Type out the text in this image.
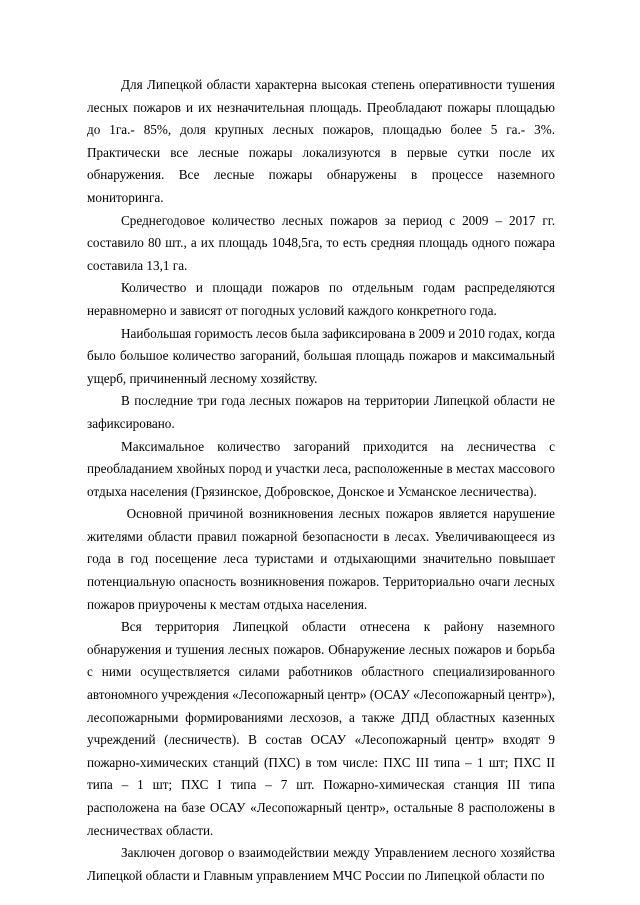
Для Липецкой области характерна высокая степень оперативности тушения лесных пожаров и их незначительная площадь. Преобладают пожары площадью до 1га.- 85%, доля крупных лесных пожаров, площадью более 5 га.- 3%. Практически все лесные пожары локализуются в первые сутки после их обнаружения. Все лесные пожары обнаружены в процессе наземного мониторинга.

Среднегодовое количество лесных пожаров за период с 2009 – 2017 гг. составило 80 шт., а их площадь 1048,5га, то есть средняя площадь одного пожара составила 13,1 га.

Количество и площади пожаров по отдельным годам распределяются неравномерно и зависят от погодных условий каждого конкретного года.

Наибольшая горимость лесов была зафиксирована в 2009 и 2010 годах, когда было большое количество загораний, большая площадь пожаров и максимальный ущерб, причиненный лесному хозяйству.

В последние три года лесных пожаров на территории Липецкой области не зафиксировано.

Максимальное количество загораний приходится на лесничества с преобладанием хвойных пород и участки леса, расположенные в местах массового отдыха населения (Грязинское, Добровское, Донское и Усманское лесничества).

Основной причиной возникновения лесных пожаров является нарушение жителями области правил пожарной безопасности в лесах. Увеличивающееся из года в год посещение леса туристами и отдыхающими значительно повышает потенциальную опасность возникновения пожаров. Территориально очаги лесных пожаров приурочены к местам отдыха населения.

Вся территория Липецкой области отнесена к району наземного обнаружения и тушения лесных пожаров. Обнаружение лесных пожаров и борьба с ними осуществляется силами работников областного специализированного автономного учреждения «Лесопожарный центр» (ОСАУ «Лесопожарный центр»), лесопожарными формированиями лесхозов, а также ДПД областных казенных учреждений (лесничеств). В состав ОСАУ «Лесопожарный центр» входят 9 пожарно-химических станций (ПХС) в том числе: ПХС III типа – 1 шт; ПХС II типа – 1 шт; ПХС I типа – 7 шт. Пожарно-химическая станция III типа расположена на базе ОСАУ «Лесопожарный центр», остальные 8 расположены в лесничествах области.

Заключен договор о взаимодействии между Управлением лесного хозяйства Липецкой области и Главным управлением МЧС России по Липецкой области по
